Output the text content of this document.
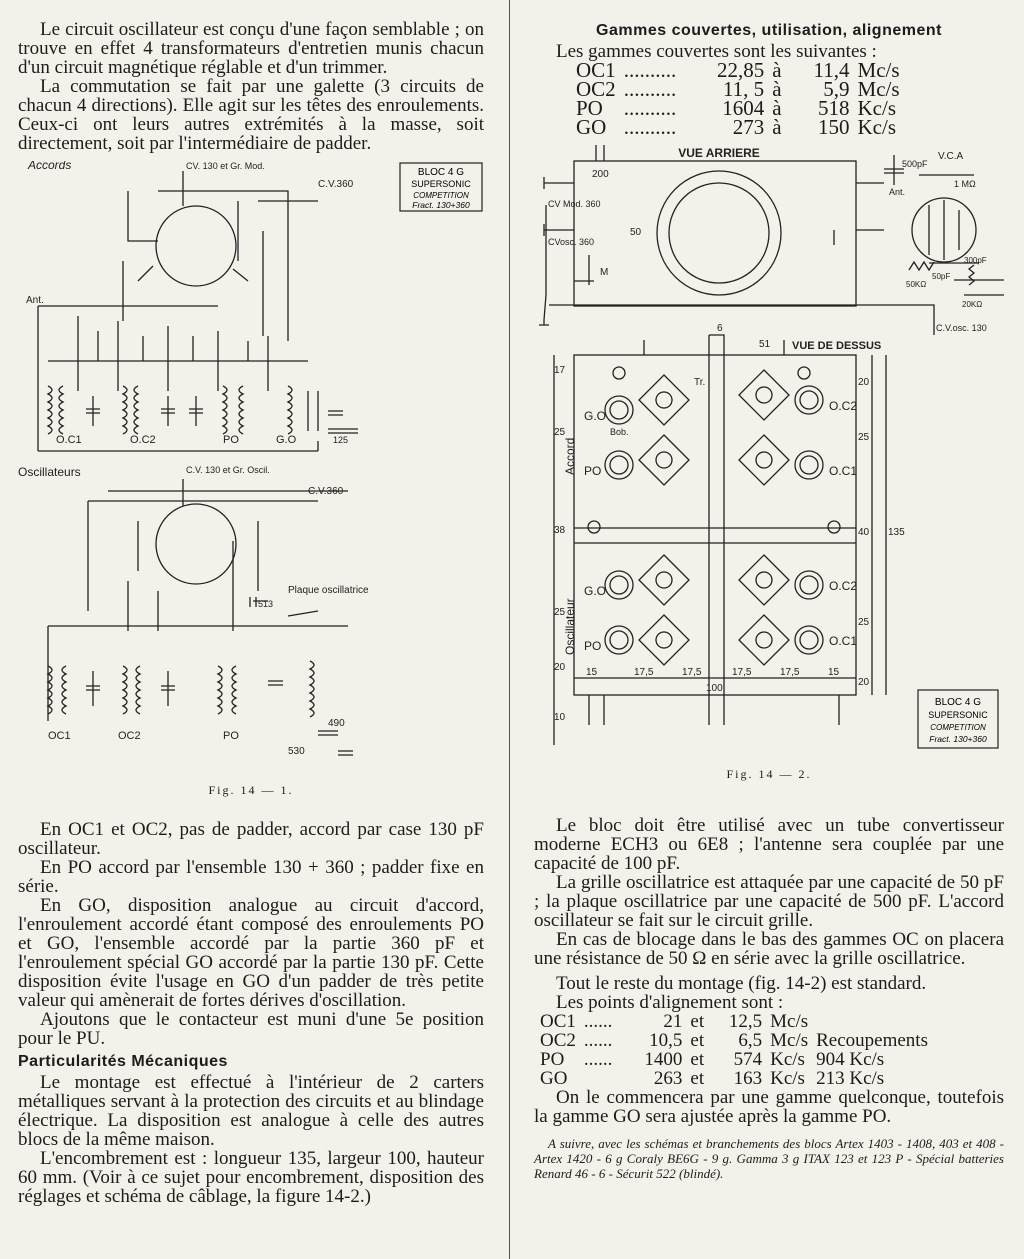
Le circuit oscillateur est conçu d'une façon semblable ; on trouve en effet 4 transformateurs d'entretien munis chacun d'un circuit magnétique réglable et d'un trimmer.

La commutation se fait par une galette (3 circuits de chacun 4 directions). Elle agit sur les têtes des enroulements. Ceux-ci ont leurs autres extrémités à la masse, soit directement, soit par l'intermédiaire de padder.

Accords	CV. 130 et Gr. Mod.
C.V.360
Ant.
O.C1	O.C2	PO	G.O	125
Oscillateurs	C.V. 130 et Gr. Oscil.
C.V.360
Plaque oscillatrice
513
OC1	OC2	PO
490
530
BLOC 4 G
SUPERSONIC
COMPETITION
Fract. 130+360
Fig. 14 — 1.

En OC1 et OC2, pas de padder, accord par case 130 pF oscillateur.

En PO accord par l'ensemble 130 + 360 ; padder fixe en série.

En GO, disposition analogue au circuit d'accord, l'enroulement accordé étant composé des enroulements PO et GO, l'ensemble accordé par la partie 360 pF et l'enroulement spécial GO accordé par la partie 130 pF. Cette disposition évite l'usage en GO d'un padder de très petite valeur qui amènerait de fortes dérives d'oscillation.

Ajoutons que le contacteur est muni d'une 5e position pour le PU.

Particularités Mécaniques

Le montage est effectué à l'intérieur de 2 carters métalliques servant à la protection des circuits et au blindage électrique. La disposition est analogue à celle des autres blocs de la même maison.

L'encombrement est : longueur 135, largeur 100, hauteur 60 mm. (Voir à ce sujet pour encombrement, disposition des réglages et schéma de câblage, la figure 14-2.)

Gammes couvertes, utilisation, alignement

Les gammes couvertes sont les suivantes :

OC1	..........	22,85	à	11,4	Mc/s
OC2	..........	11, 5	à	5,9	Mc/s
PO	..........	1604	à	518	Kc/s
GO	..........	273	à	150	Kc/s
VUE ARRIERE
200
CV Mod. 360
CVosc. 360
M
50
500pF
V.C.A
Ant.
1 MΩ
50pF
300pF
50KΩ
20KΩ
C.V.osc. 130
6
51 VUE DE DESSUS
Tr.
G.O
Bob.
PO
O.C2
O.C1
G.O
PO
O.C2
O.C1
Accord
Oscillateur
17
25
38
25
20
10
20
25
40
25
20
135
15	17,5	17,5	17,5	17,5	15
100
BLOC 4 G
SUPERSONIC
COMPETITION
Fract. 130+360
Fig. 14 — 2.

Le bloc doit être utilisé avec un tube convertisseur moderne ECH3 ou 6E8 ; l'antenne sera couplée par une capacité de 100 pF.

La grille oscillatrice est attaquée par une capacité de 50 pF ; la plaque oscillatrice par une capacité de 500 pF. L'accord oscillateur se fait sur le circuit grille.

En cas de blocage dans le bas des gammes OC on placera une résistance de 50 Ω en série avec la grille oscillatrice.

Tout le reste du montage (fig. 14-2) est standard.

Les points d'alignement sont :

OC1	......	21	et	12,5	Mc/s	
OC2	......	10,5	et	6,5	Mc/s	Recoupements
PO	......	1400	et	574	Kc/s	904 Kc/s
GO		263	et	163	Kc/s	213 Kc/s

On le commencera par une gamme quelconque, toutefois la gamme GO sera ajustée après la gamme PO.

A suivre, avec les schémas et branchements des blocs Artex 1403 - 1408, 403 et 408 - Artex 1420 - 6 g Coraly BE6G - 9 g. Gamma 3 g ITAX 123 et 123 P - Spécial batteries Renard 46 - 6 - Sécurit 522 (blindé).
